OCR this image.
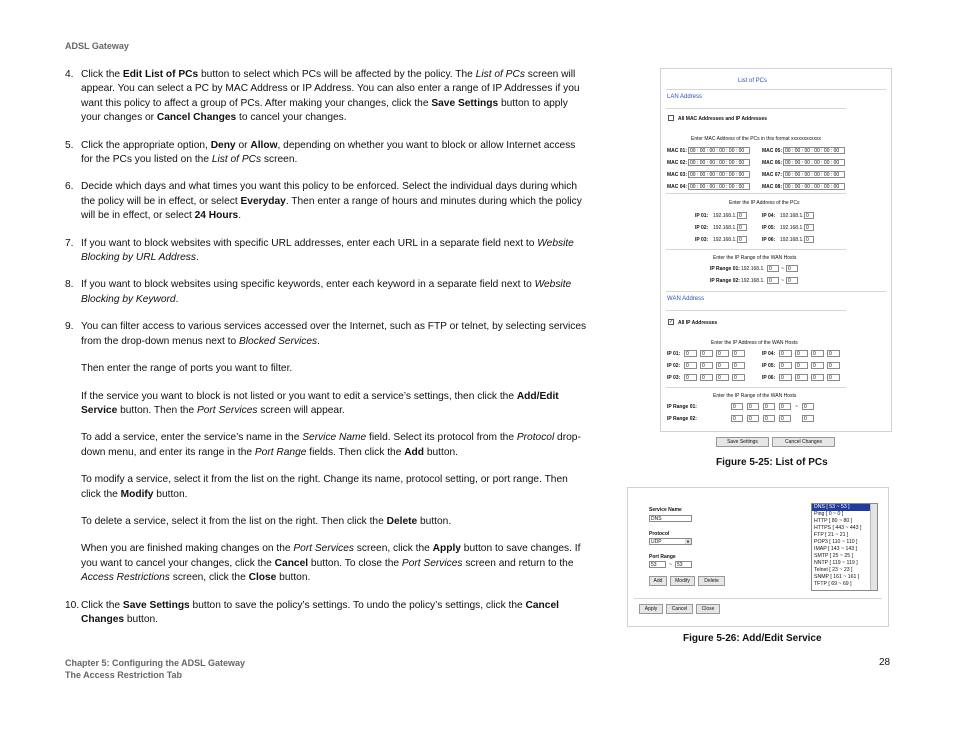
ADSL Gateway
4. Click the Edit List of PCs button to select which PCs will be affected by the policy. The List of PCs screen will appear. You can select a PC by MAC Address or IP Address. You can also enter a range of IP Addresses if you want this policy to affect a group of PCs. After making your changes, click the Save Settings button to apply your changes or Cancel Changes to cancel your changes.
5. Click the appropriate option, Deny or Allow, depending on whether you want to block or allow Internet access for the PCs you listed on the List of PCs screen.
6. Decide which days and what times you want this policy to be enforced. Select the individual days during which the policy will be in effect, or select Everyday. Then enter a range of hours and minutes during which the policy will be in effect, or select 24 Hours.
7. If you want to block websites with specific URL addresses, enter each URL in a separate field next to Website Blocking by URL Address.
8. If you want to block websites using specific keywords, enter each keyword in a separate field next to Website Blocking by Keyword.
9. You can filter access to various services accessed over the Internet, such as FTP or telnet, by selecting services from the drop-down menus next to Blocked Services.
Then enter the range of ports you want to filter.
If the service you want to block is not listed or you want to edit a service’s settings, then click the Add/Edit Service button. Then the Port Services screen will appear.
To add a service, enter the service’s name in the Service Name field. Select its protocol from the Protocol drop-down menu, and enter its range in the Port Range fields. Then click the Add button.
To modify a service, select it from the list on the right. Change its name, protocol setting, or port range. Then click the Modify button.
To delete a service, select it from the list on the right. Then click the Delete button.
When you are finished making changes on the Port Services screen, click the Apply button to save changes. If you want to cancel your changes, click the Cancel button. To close the Port Services screen and return to the Access Restrictions screen, click the Close button.
10. Click the Save Settings button to save the policy’s settings. To undo the policy’s settings, click the Cancel Changes button.
List of PCs
LAN Address
All MAC Addresses and IP Addresses
Enter MAC Address of the PCs in this format xxxxxxxxxxxx
Enter the IP Address of the PCs
Enter the IP Range of the WAN Hosts
WAN Address
✓ All IP Addresses
Enter the IP Address of the WAN Hosts
Enter the IP Range of the WAN Hosts
MAC 01: 00 : 00 : 00 : 00 : 00 : 00	MAC 05: 00 : 00 : 00 : 00 : 00 : 00
MAC 02: 00 : 00 : 00 : 00 : 00 : 00	MAC 06: 00 : 00 : 00 : 00 : 00 : 00
MAC 03: 00 : 00 : 00 : 00 : 00 : 00	MAC 07: 00 : 00 : 00 : 00 : 00 : 00
MAC 04: 00 : 00 : 00 : 00 : 00 : 00	MAC 08: 00 : 00 : 00 : 00 : 00 : 00
IP 01: 192.168.1. 0	IP 04: 192.168.1. 0
IP 02: 192.168.1. 0	IP 05: 192.168.1. 0
IP 03: 192.168.1. 0	IP 06: 192.168.1. 0
IP Range 01: 192.168.1. 0	~ 0
IP Range 02: 192.168.1. 0	~ 0
IP 01:	0	0	0	0	IP 04:	0	0	0	0
IP 02:	0	0	0	0	IP 05:	0	0	0	0
IP 03:	0	0	0	0	IP 06:	0	0	0	0
IP Range 01:	0	0	0	0	~	0
IP Range 02:	0	0	0	0	0
Save Settings	Cancel Changes
Figure 5-25: List of PCs
Service Name
DNS
Protocol
UDP	▼
Port Range
53	~	53
Add	Modify	Delete
DNS [ 53 ~ 53 ]
Ping [ 0 ~ 0 ]
HTTP [ 80 ~ 80 ]
HTTPS [ 443 ~ 443 ]
FTP [ 21 ~ 21 ]
POP3 [ 110 ~ 110 ]
IMAP [ 143 ~ 143 ]
SMTP [ 25 ~ 25 ]
NNTP [ 119 ~ 119 ]
Telnet [ 23 ~ 23 ]
SNMP [ 161 ~ 161 ]
TFTP [ 69 ~ 69 ]
Apply	Cancel	Close
Figure 5-26: Add/Edit Service
Chapter 5: Configuring the ADSL Gateway
The Access Restriction Tab
28
